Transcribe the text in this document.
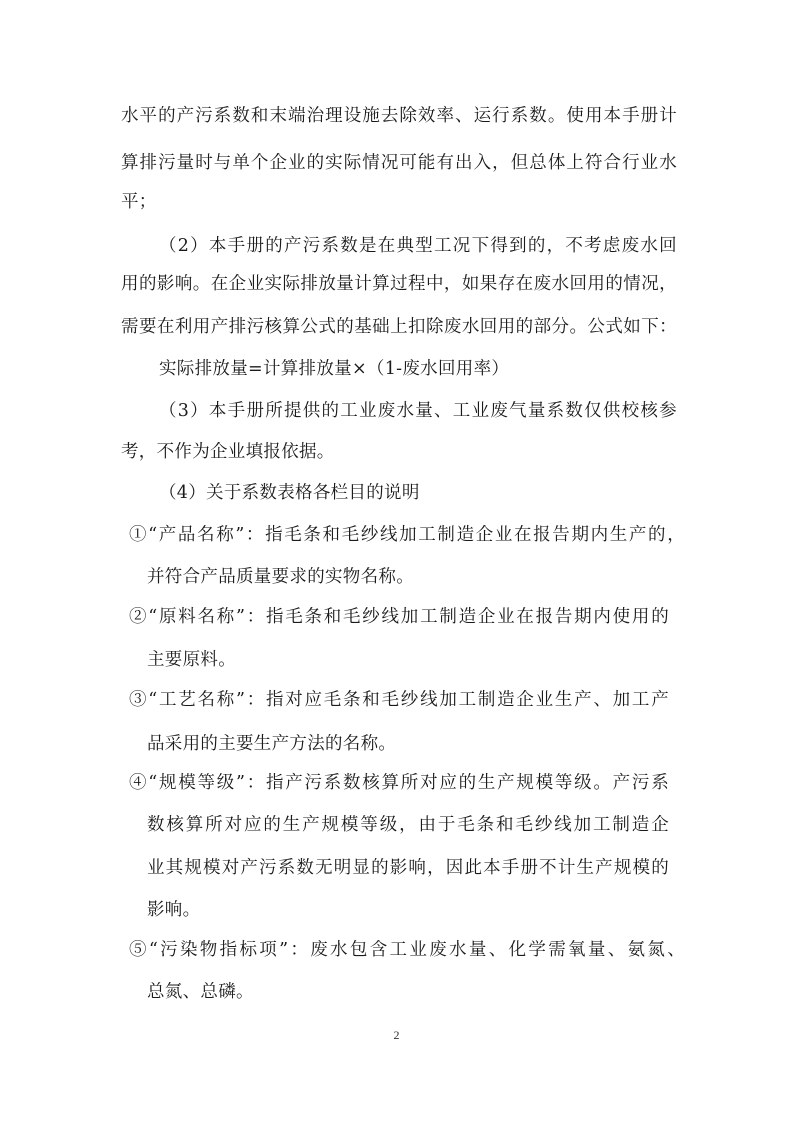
水平的产污系数和末端治理设施去除效率、运行系数。使用本手册计
算排污量时与单个企业的实际情况可能有出入，但总体上符合行业水
平；
（2）本手册的产污系数是在典型工况下得到的，不考虑废水回
用的影响。在企业实际排放量计算过程中，如果存在废水回用的情况，
需要在利用产排污核算公式的基础上扣除废水回用的部分。公式如下：
实际排放量=计算排放量×（1-废水回用率）
（3）本手册所提供的工业废水量、工业废气量系数仅供校核参
考，不作为企业填报依据。
（4）关于系数表格各栏目的说明
①“产品名称”：指毛条和毛纱线加工制造企业在报告期内生产的，
并符合产品质量要求的实物名称。
②“原料名称”：指毛条和毛纱线加工制造企业在报告期内使用的
主要原料。
③“工艺名称”：指对应毛条和毛纱线加工制造企业生产、加工产
品采用的主要生产方法的名称。
④“规模等级”：指产污系数核算所对应的生产规模等级。产污系
数核算所对应的生产规模等级，由于毛条和毛纱线加工制造企
业其规模对产污系数无明显的影响，因此本手册不计生产规模的
影响。
⑤“污染物指标项”：废水包含工业废水量、化学需氧量、氨氮、
总氮、总磷。
2
